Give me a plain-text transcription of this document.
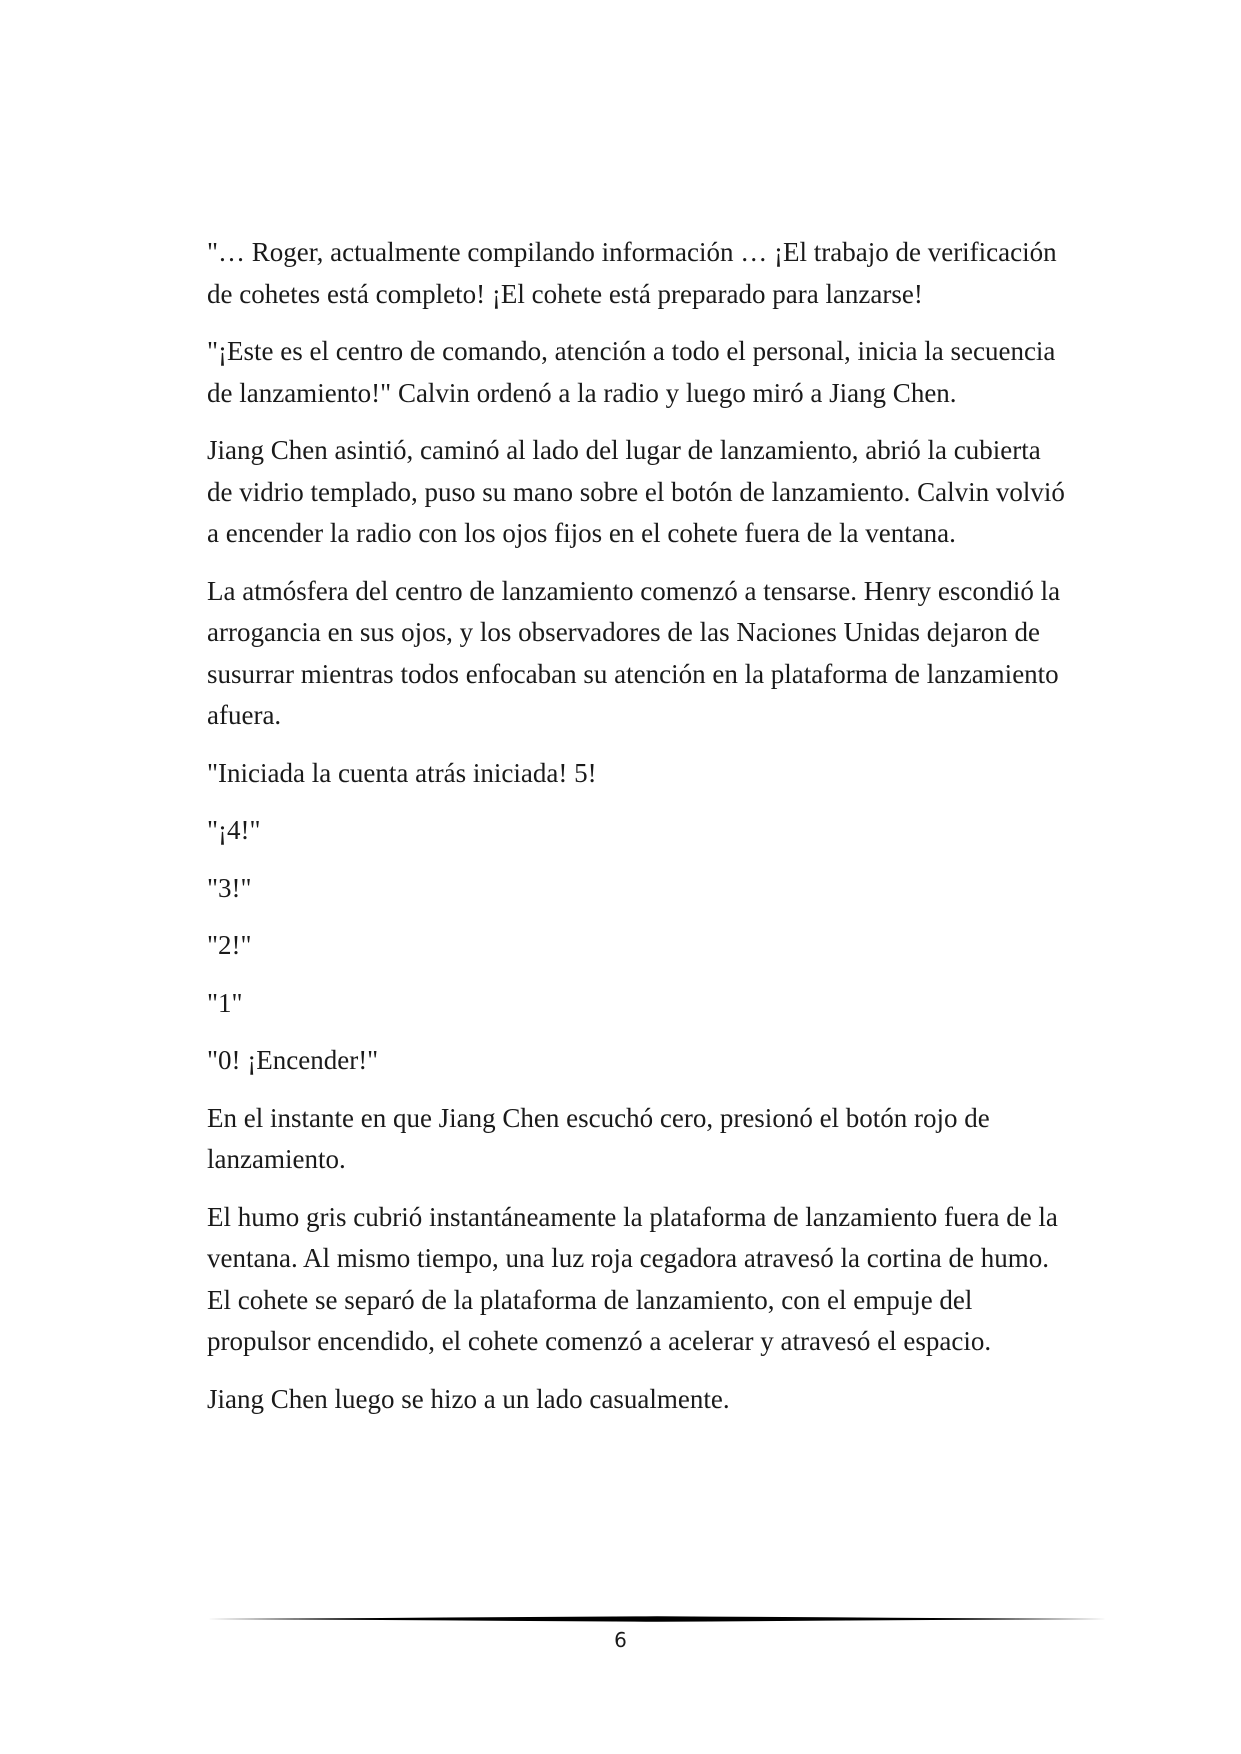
"… Roger, actualmente compilando información … ¡El trabajo de verificación de cohetes está completo! ¡El cohete está preparado para lanzarse!

"¡Este es el centro de comando, atención a todo el personal, inicia la secuencia de lanzamiento!" Calvin ordenó a la radio y luego miró a Jiang Chen.

Jiang Chen asintió, caminó al lado del lugar de lanzamiento, abrió la cubierta de vidrio templado, puso su mano sobre el botón de lanzamiento. Calvin volvió a encender la radio con los ojos fijos en el cohete fuera de la ventana.

La atmósfera del centro de lanzamiento comenzó a tensarse. Henry escondió la arrogancia en sus ojos, y los observadores de las Naciones Unidas dejaron de susurrar mientras todos enfocaban su atención en la plataforma de lanzamiento afuera.

"Iniciada la cuenta atrás iniciada! 5!

"¡4!"

"3!"

"2!"

"1"

"0! ¡Encender!"

En el instante en que Jiang Chen escuchó cero, presionó el botón rojo de lanzamiento.

El humo gris cubrió instantáneamente la plataforma de lanzamiento fuera de la ventana. Al mismo tiempo, una luz roja cegadora atravesó la cortina de humo. El cohete se separó de la plataforma de lanzamiento, con el empuje del propulsor encendido, el cohete comenzó a acelerar y atravesó el espacio.

Jiang Chen luego se hizo a un lado casualmente.

6
